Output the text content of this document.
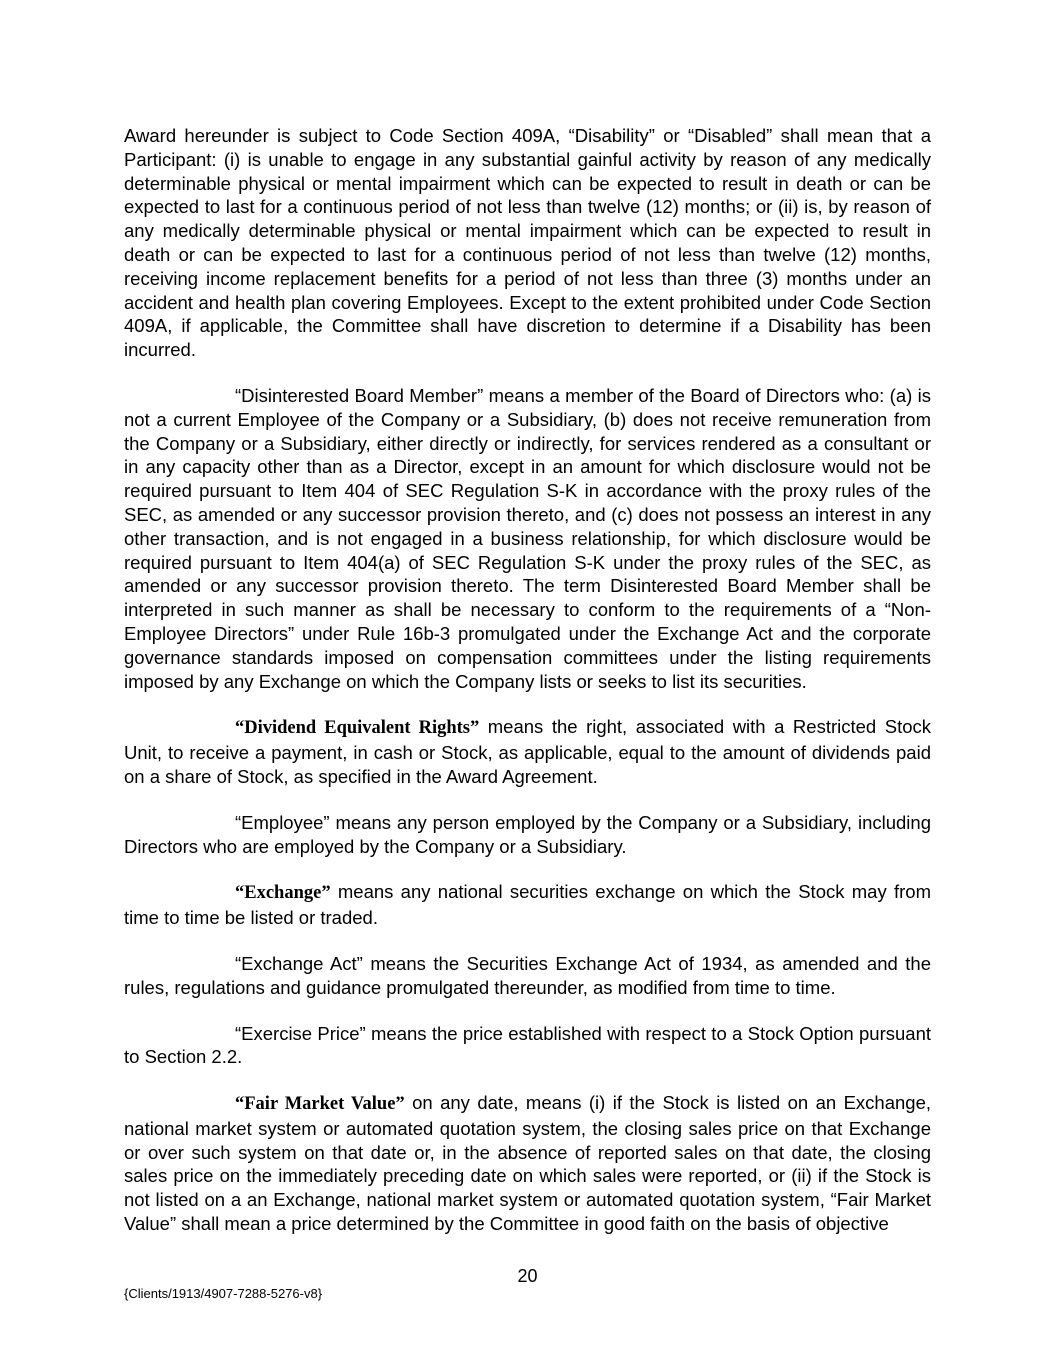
Award hereunder is subject to Code Section 409A, “Disability” or “Disabled” shall mean that a Participant: (i) is unable to engage in any substantial gainful activity by reason of any medically determinable physical or mental impairment which can be expected to result in death or can be expected to last for a continuous period of not less than twelve (12) months; or (ii) is, by reason of any medically determinable physical or mental impairment which can be expected to result in death or can be expected to last for a continuous period of not less than twelve (12) months, receiving income replacement benefits for a period of not less than three (3) months under an accident and health plan covering Employees. Except to the extent prohibited under Code Section 409A, if applicable, the Committee shall have discretion to determine if a Disability has been incurred.

“Disinterested Board Member” means a member of the Board of Directors who: (a) is not a current Employee of the Company or a Subsidiary, (b) does not receive remuneration from the Company or a Subsidiary, either directly or indirectly, for services rendered as a consultant or in any capacity other than as a Director, except in an amount for which disclosure would not be required pursuant to Item 404 of SEC Regulation S-K in accordance with the proxy rules of the SEC, as amended or any successor provision thereto, and (c) does not possess an interest in any other transaction, and is not engaged in a business relationship, for which disclosure would be required pursuant to Item 404(a) of SEC Regulation S-K under the proxy rules of the SEC, as amended or any successor provision thereto. The term Disinterested Board Member shall be interpreted in such manner as shall be necessary to conform to the requirements of a “Non-Employee Directors” under Rule 16b-3 promulgated under the Exchange Act and the corporate governance standards imposed on compensation committees under the listing requirements imposed by any Exchange on which the Company lists or seeks to list its securities.

“Dividend Equivalent Rights” means the right, associated with a Restricted Stock Unit, to receive a payment, in cash or Stock, as applicable, equal to the amount of dividends paid on a share of Stock, as specified in the Award Agreement.

“Employee” means any person employed by the Company or a Subsidiary, including Directors who are employed by the Company or a Subsidiary.

“Exchange” means any national securities exchange on which the Stock may from time to time be listed or traded.

“Exchange Act” means the Securities Exchange Act of 1934, as amended and the rules, regulations and guidance promulgated thereunder, as modified from time to time.

“Exercise Price” means the price established with respect to a Stock Option pursuant to Section 2.2.

“Fair Market Value” on any date, means (i) if the Stock is listed on an Exchange, national market system or automated quotation system, the closing sales price on that Exchange or over such system on that date or, in the absence of reported sales on that date, the closing sales price on the immediately preceding date on which sales were reported, or (ii) if the Stock is not listed on a an Exchange, national market system or automated quotation system, “Fair Market Value” shall mean a price determined by the Committee in good faith on the basis of objective

20
{Clients/1913/4907-7288-5276-v8}
